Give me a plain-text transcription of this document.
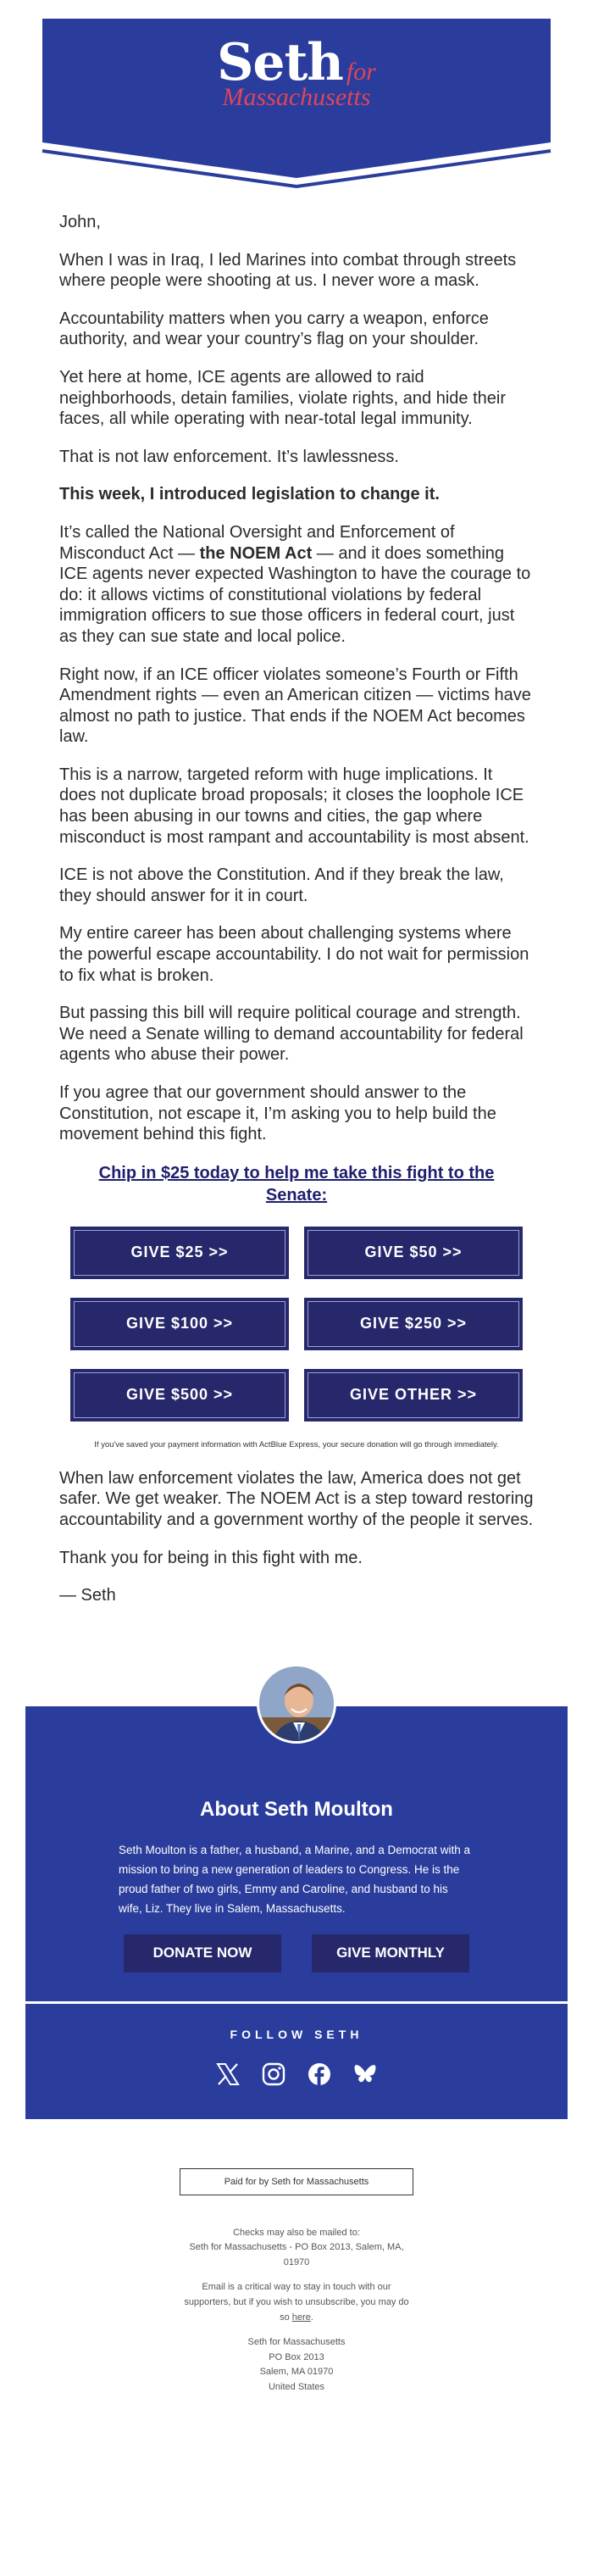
Seth for
Massachusetts

John,

When I was in Iraq, I led Marines into combat through streets where people were shooting at us. I never wore a mask.

Accountability matters when you carry a weapon, enforce authority, and wear your country’s flag on your shoulder.

Yet here at home, ICE agents are allowed to raid neighborhoods, detain families, violate rights, and hide their faces, all while operating with near-total legal immunity.

That is not law enforcement. It’s lawlessness.

This week, I introduced legislation to change it.

It’s called the National Oversight and Enforcement of Misconduct Act — the NOEM Act — and it does something ICE agents never expected Washington to have the courage to do: it allows victims of constitutional violations by federal immigration officers to sue those officers in federal court, just as they can sue state and local police.

Right now, if an ICE officer violates someone’s Fourth or Fifth Amendment rights — even an American citizen — victims have almost no path to justice. That ends if the NOEM Act becomes law.

This is a narrow, targeted reform with huge implications. It does not duplicate broad proposals; it closes the loophole ICE has been abusing in our towns and cities, the gap where misconduct is most rampant and accountability is most absent.

ICE is not above the Constitution. And if they break the law, they should answer for it in court.

My entire career has been about challenging systems where the powerful escape accountability. I do not wait for permission to fix what is broken.

But passing this bill will require political courage and strength. We need a Senate willing to demand accountability for federal agents who abuse their power.

If you agree that our government should answer to the Constitution, not escape it, I’m asking you to help build the movement behind this fight.

Chip in $25 today to help me take this fight to the Senate:
GIVE $25 >>	GIVE $50 >>
GIVE $100 >>	GIVE $250 >>
GIVE $500 >>	GIVE OTHER >>
If you've saved your payment information with ActBlue Express, your secure donation will go through immediately.

When law enforcement violates the law, America does not get safer. We get weaker. The NOEM Act is a step toward restoring accountability and a government worthy of the people it serves.

Thank you for being in this fight with me.

— Seth

About Seth Moulton
Seth Moulton is a father, a husband, a Marine, and a Democrat with a mission to bring a new generation of leaders to Congress. He is the proud father of two girls, Emmy and Caroline, and husband to his wife, Liz. They live in Salem, Massachusetts.
DONATE NOW	GIVE MONTHLY
FOLLOW SETH
Paid for by Seth for Massachusetts
Checks may also be mailed to:
Seth for Massachusetts - PO Box 2013, Salem, MA, 01970
Email is a critical way to stay in touch with our supporters, but if you wish to unsubscribe, you may do so here.
Seth for Massachusetts
PO Box 2013
Salem, MA 01970
United States
